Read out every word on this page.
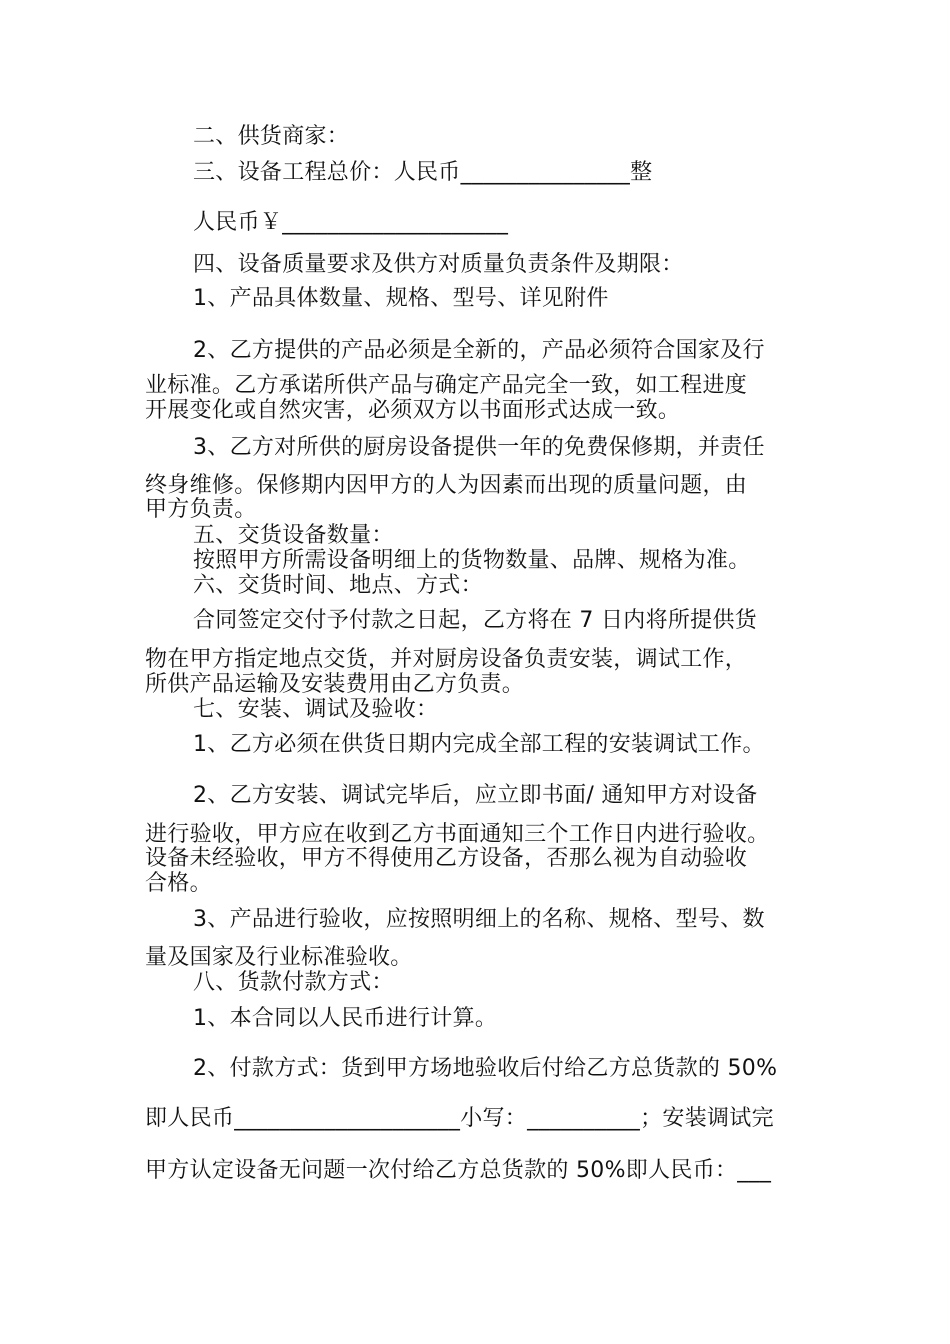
二、供货商家：
三、设备工程总价：人民币_______________整
人民币￥____________________
四、设备质量要求及供方对质量负责条件及期限：
1、产品具体数量、规格、型号、详见附件
2、乙方提供的产品必须是全新的，产品必须符合国家及行
业标准。乙方承诺所供产品与确定产品完全一致，如工程进度
开展变化或自然灾害，必须双方以书面形式达成一致。
3、乙方对所供的厨房设备提供一年的免费保修期，并责任
终身维修。保修期内因甲方的人为因素而出现的质量问题，由
甲方负责。
五、交货设备数量：
按照甲方所需设备明细上的货物数量、品牌、规格为准。
六、交货时间、地点、方式：
合同签定交付予付款之日起，乙方将在 7 日内将所提供货
物在甲方指定地点交货，并对厨房设备负责安装，调试工作，
所供产品运输及安装费用由乙方负责。
七、安装、调试及验收：
1、乙方必须在供货日期内完成全部工程的安装调试工作。
2、乙方安装、调试完毕后，应立即书面/ 通知甲方对设备
进行验收，甲方应在收到乙方书面通知三个工作日内进行验收。
设备未经验收，甲方不得使用乙方设备，否那么视为自动验收
合格。
3、产品进行验收，应按照明细上的名称、规格、型号、数
量及国家及行业标准验收。
八、货款付款方式：
1、本合同以人民币进行计算。
2、付款方式：货到甲方场地验收后付给乙方总货款的 50%
即人民币____________________小写：__________；安装调试完
甲方认定设备无问题一次付给乙方总货款的 50%即人民币：___
